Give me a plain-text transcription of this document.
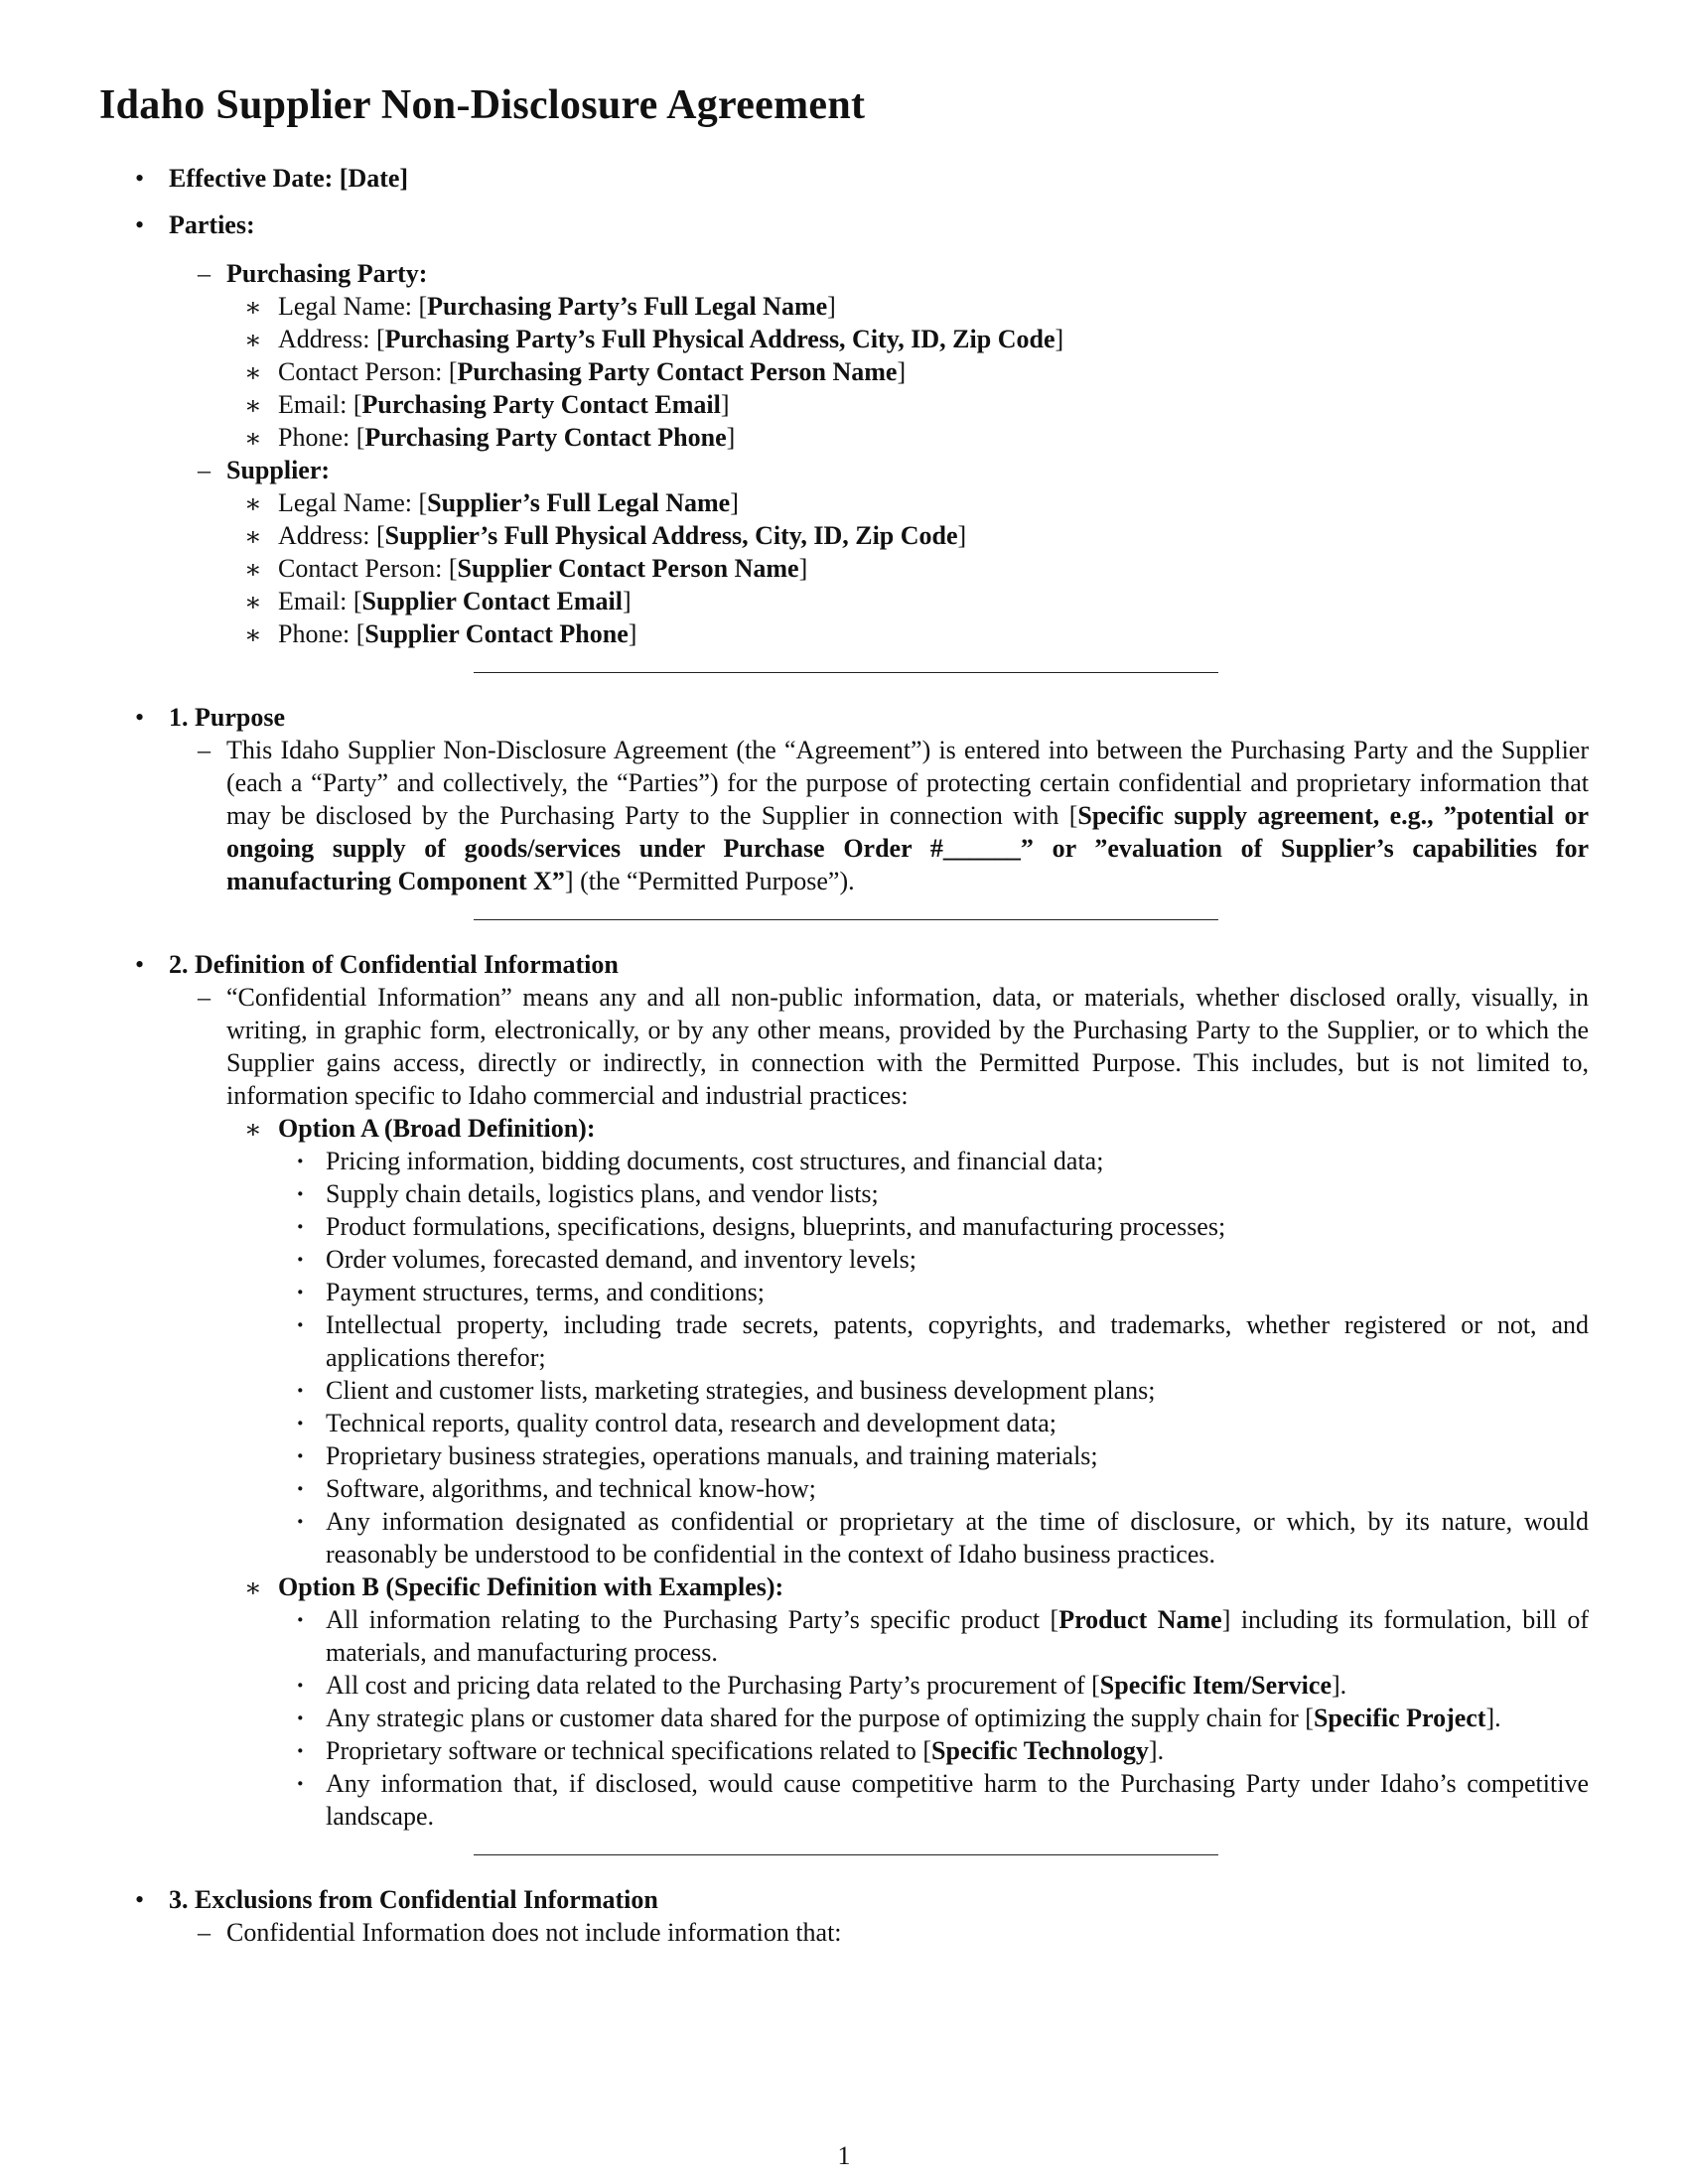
Idaho Supplier Non-Disclosure Agreement
• Effective Date: [Date]
• Parties:
– Purchasing Party:
∗ Legal Name: [Purchasing Party’s Full Legal Name]
∗ Address: [Purchasing Party’s Full Physical Address, City, ID, Zip Code]
∗ Contact Person: [Purchasing Party Contact Person Name]
∗ Email: [Purchasing Party Contact Email]
∗ Phone: [Purchasing Party Contact Phone]
– Supplier:
∗ Legal Name: [Supplier’s Full Legal Name]
∗ Address: [Supplier’s Full Physical Address, City, ID, Zip Code]
∗ Contact Person: [Supplier Contact Person Name]
∗ Email: [Supplier Contact Email]
∗ Phone: [Supplier Contact Phone]
• 1. Purpose
– This Idaho Supplier Non-Disclosure Agreement (the “Agreement”) is entered into between the Purchasing Party and the Supplier (each a “Party” and collectively, the “Parties”) for the purpose of protecting certain confidential and proprietary information that may be disclosed by the Purchasing Party to the Supplier in connection with [Specific supply agreement, e.g., ”potential or ongoing supply of goods/services under Purchase Order #______” or ”evaluation of Supplier’s capabilities for manufacturing Component X”] (the “Permitted Purpose”).
• 2. Definition of Confidential Information
– “Confidential Information” means any and all non-public information, data, or materials, whether disclosed orally, visually, in writing, in graphic form, electronically, or by any other means, provided by the Purchasing Party to the Supplier, or to which the Supplier gains access, directly or indirectly, in connection with the Permitted Purpose. This includes, but is not limited to, information specific to Idaho commercial and industrial practices:
∗ Option A (Broad Definition):
· Pricing information, bidding documents, cost structures, and financial data;
· Supply chain details, logistics plans, and vendor lists;
· Product formulations, specifications, designs, blueprints, and manufacturing processes;
· Order volumes, forecasted demand, and inventory levels;
· Payment structures, terms, and conditions;
· Intellectual property, including trade secrets, patents, copyrights, and trademarks, whether registered or not, and applications therefor;
· Client and customer lists, marketing strategies, and business development plans;
· Technical reports, quality control data, research and development data;
· Proprietary business strategies, operations manuals, and training materials;
· Software, algorithms, and technical know-how;
· Any information designated as confidential or proprietary at the time of disclosure, or which, by its nature, would reasonably be understood to be confidential in the context of Idaho business practices.
∗ Option B (Specific Definition with Examples):
· All information relating to the Purchasing Party’s specific product [Product Name] including its formulation, bill of materials, and manufacturing process.
· All cost and pricing data related to the Purchasing Party’s procurement of [Specific Item/Service].
· Any strategic plans or customer data shared for the purpose of optimizing the supply chain for [Specific Project].
· Proprietary software or technical specifications related to [Specific Technology].
· Any information that, if disclosed, would cause competitive harm to the Purchasing Party under Idaho’s competitive landscape.
• 3. Exclusions from Confidential Information
– Confidential Information does not include information that:
1
